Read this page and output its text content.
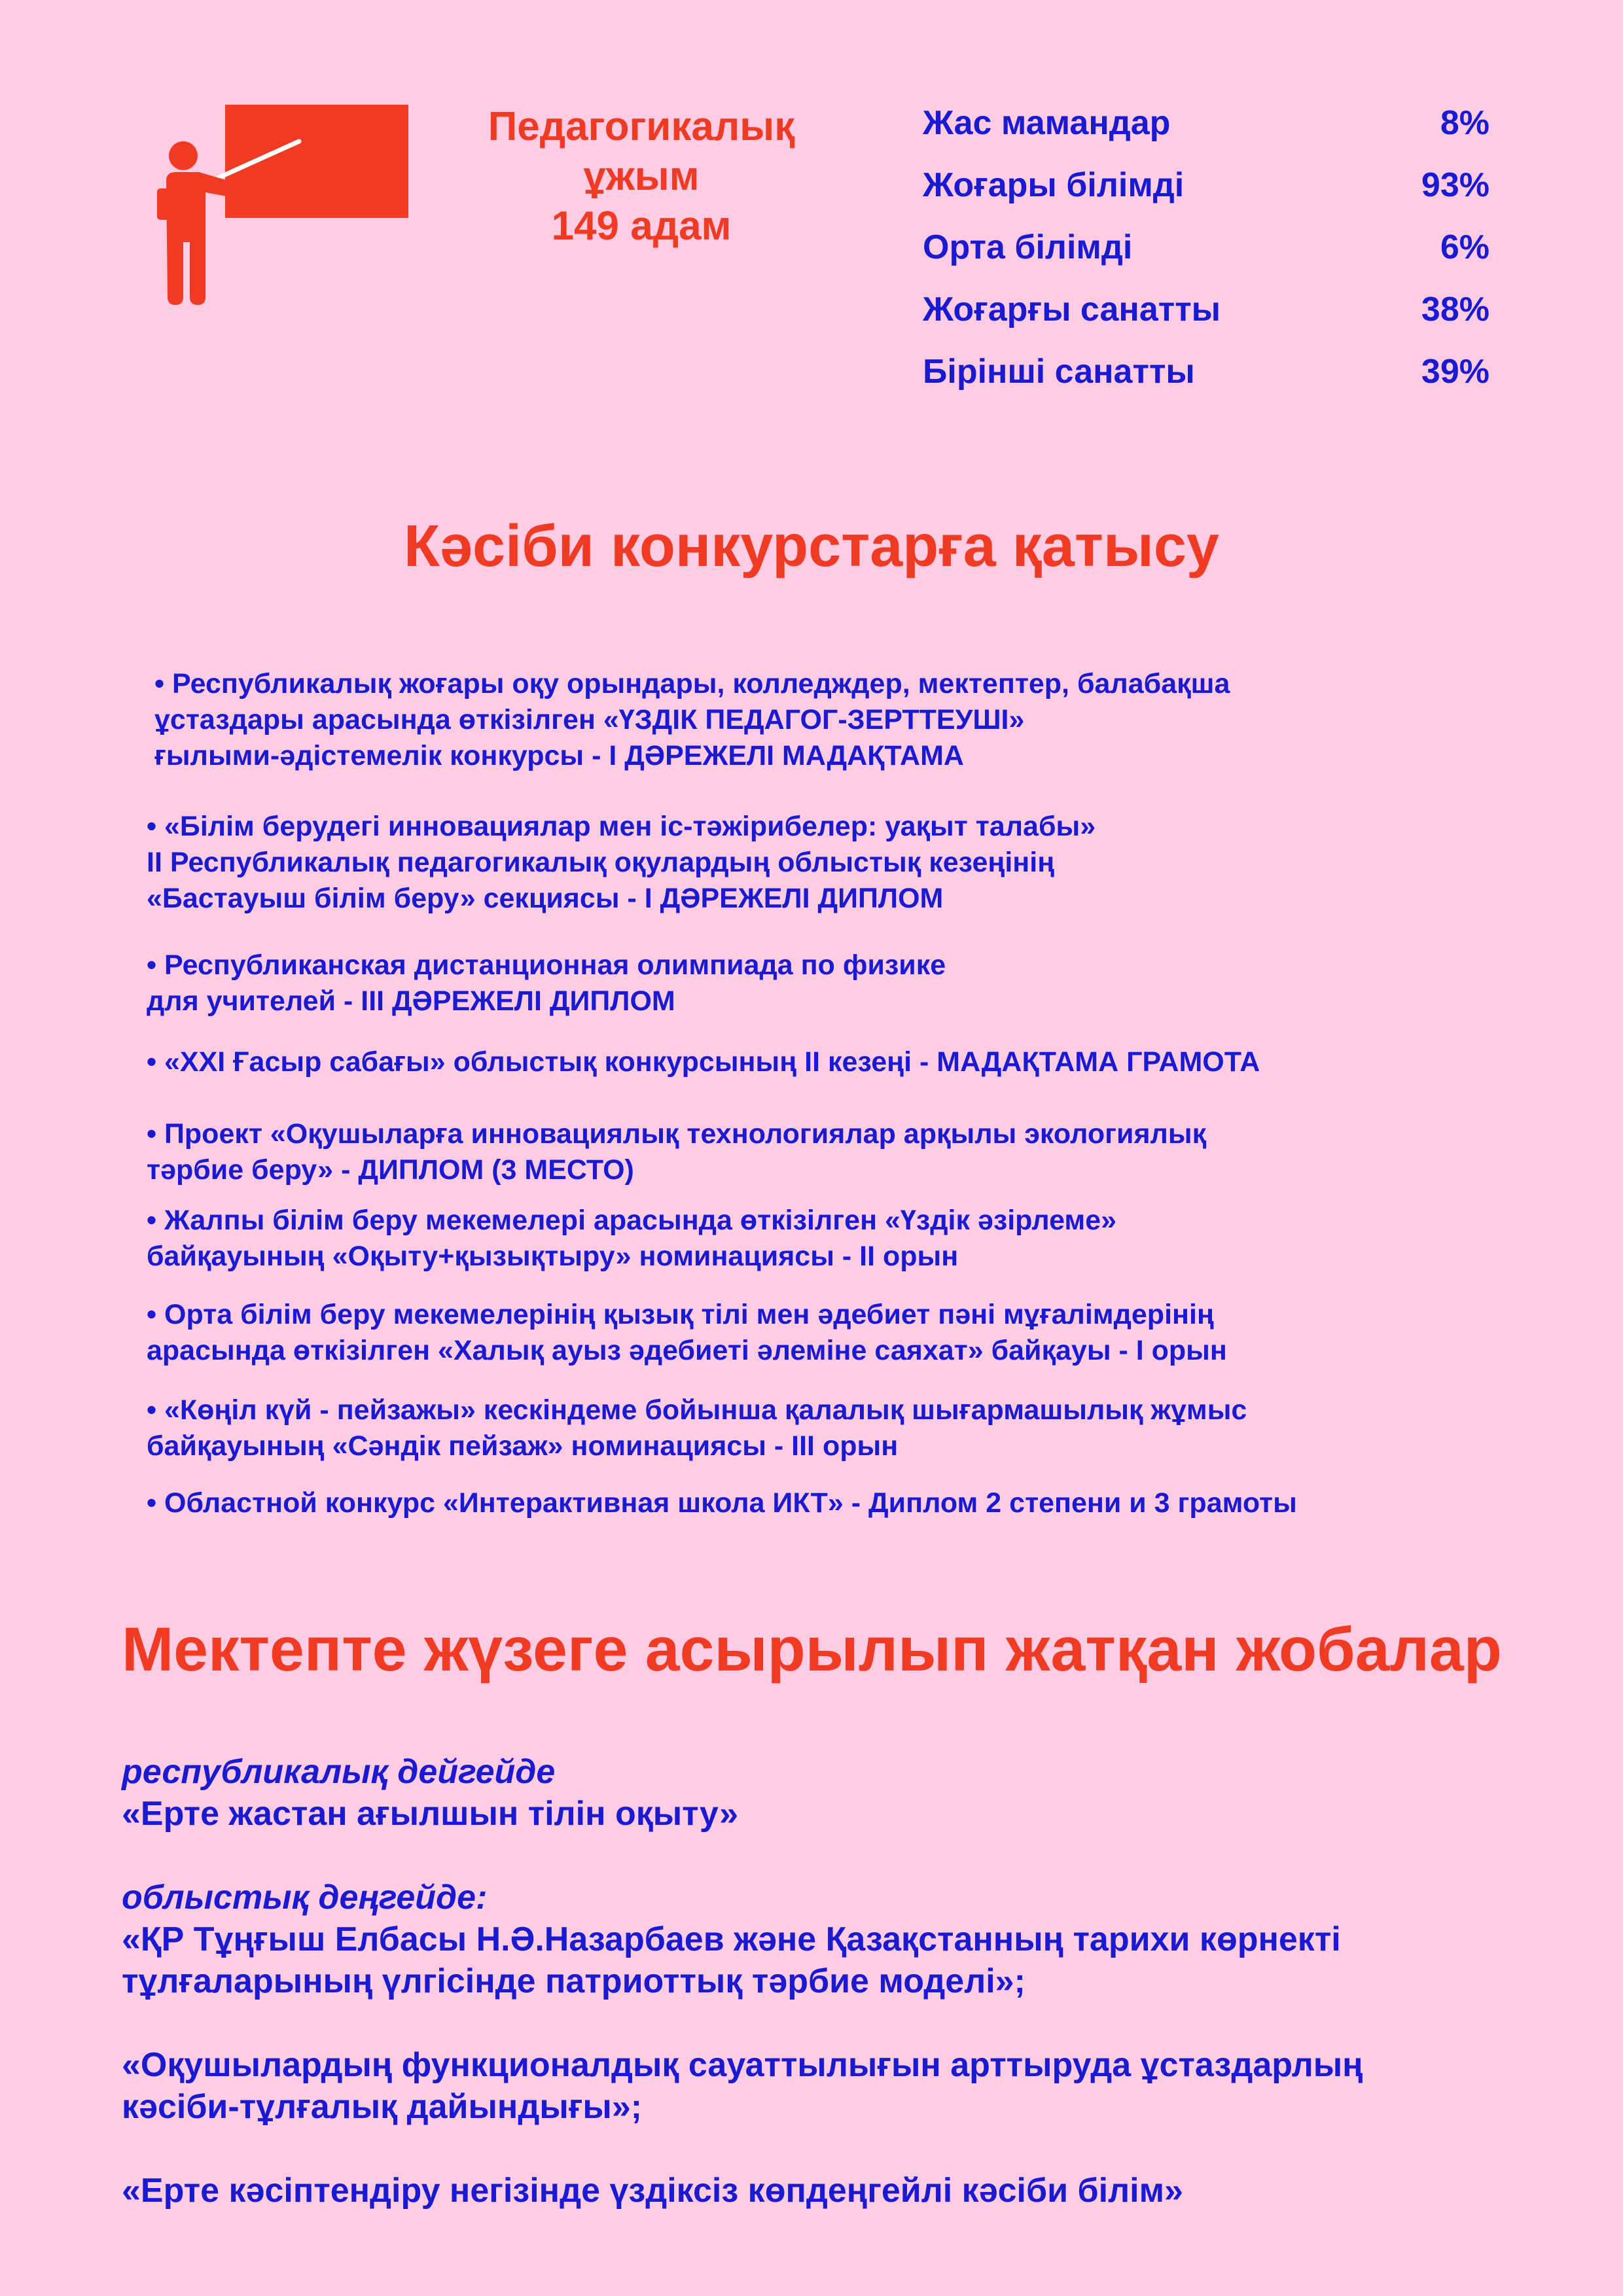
Педагогикалық
ұжым
149 адам
Жас мамандар	8%
Жоғары білімді	93%
Орта білімді	6%
Жоғарғы санатты	38%
Бірінші санатты	39%
Кәсіби конкурстарға қатысу
• Республикалық жоғары оқу орындары, колледждер, мектептер, балабақша
ұстаздары арасында өткізілген «ҮЗДІК ПЕДАГОГ-ЗЕРТТЕУШІ»
ғылыми-әдістемелік конкурсы - І ДӘРЕЖЕЛІ МАДАҚТАМА
• «Білім берудегі инновациялар мен іс-тәжірибелер: уақыт талабы»
ІІ Республикалық педагогикалық оқулардың облыстық кезеңінің
«Бастауыш білім беру» секциясы - І ДӘРЕЖЕЛІ ДИПЛОМ
• Республиканская дистанционная олимпиада по физике
для учителей - ІІІ ДӘРЕЖЕЛІ ДИПЛОМ
• «XXI Ғасыр сабағы» облыстық конкурсының ІІ кезеңі - МАДАҚТАМА ГРАМОТА
• Проект «Оқушыларға инновациялық технологиялар арқылы экологиялық
тәрбие беру» - ДИПЛОМ (3 МЕСТО)
• Жалпы білім беру мекемелері арасында өткізілген «Үздік әзірлеме»
байқауының «Оқыту+қызықтыру» номинациясы - ІІ орын
• Орта білім беру мекемелерінің қызық тілі мен әдебиет пәні мұғалімдерінің
арасында өткізілген «Халық ауыз әдебиеті әлеміне саяхат» байқауы - І орын
• «Көңіл күй - пейзажы» кескіндеме бойынша қалалық шығармашылық жұмыс
байқауының «Сәндік пейзаж» номинациясы - ІІІ орын
• Областной конкурс «Интерактивная школа ИКТ» - Диплом 2 степени и 3 грамоты
Мектепте жүзеге асырылып жатқан жобалар
республикалық дейгейде
«Ерте жастан ағылшын тілін оқыту»
облыстық деңгейде:
«ҚР Тұңғыш Елбасы Н.Ә.Назарбаев және Қазақстанның тарихи көрнекті
тұлғаларының үлгісінде патриоттық тәрбие моделі»;
«Оқушылардың функционалдық сауаттылығын арттыруда ұстаздарлың
кәсіби-тұлғалық дайындығы»;
«Ерте кәсіптендіру негізінде үздіксіз көпдеңгейлі кәсіби білім»
